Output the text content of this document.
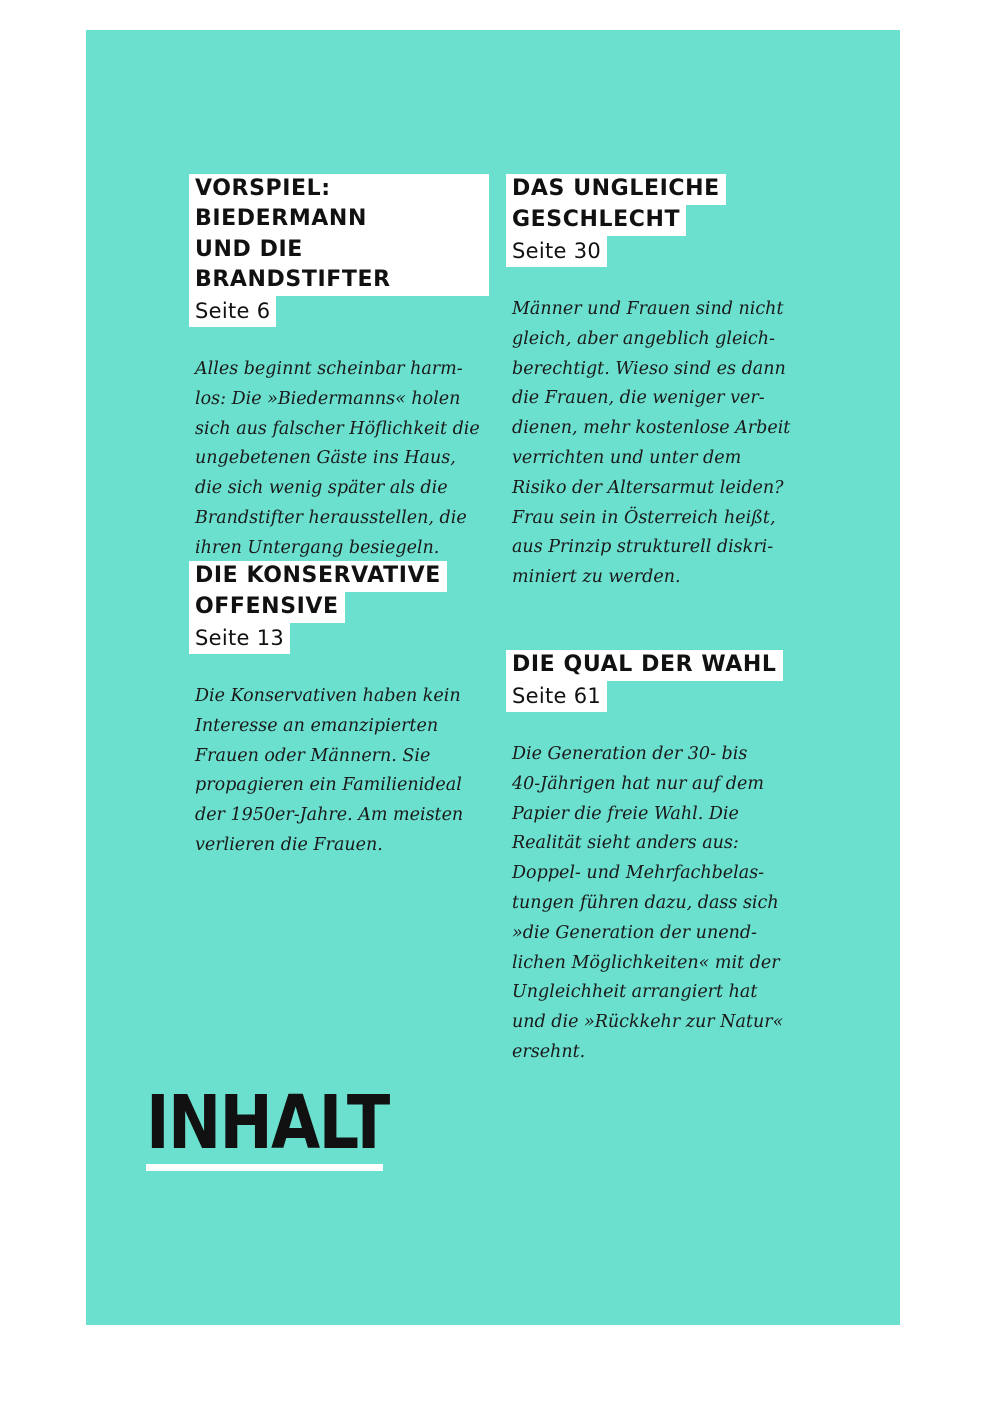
VORSPIEL: BIEDERMANN
UND DIE BRANDSTIFTER
Seite 6

Alles beginnt scheinbar harm-
los: Die »Biedermanns« holen
sich aus falscher Höflichkeit die
ungebetenen Gäste ins Haus,
die sich wenig später als die
Brandstifter herausstellen, die
ihren Untergang besiegeln.

DIE KONSERVATIVE
OFFENSIVE
Seite 13

Die Konservativen haben kein
Interesse an emanzipierten
Frauen oder Männern. Sie
propagieren ein Familienideal
der 1950er-Jahre. Am meisten
verlieren die Frauen.

DAS UNGLEICHE
GESCHLECHT
Seite 30

Männer und Frauen sind nicht
gleich, aber angeblich gleich-
berechtigt. Wieso sind es dann
die Frauen, die weniger ver-
dienen, mehr kostenlose Arbeit
verrichten und unter dem
Risiko der Altersarmut leiden?
Frau sein in Österreich heißt,
aus Prinzip strukturell diskri-
miniert zu werden.

DIE QUAL DER WAHL
Seite 61

Die Generation der 30- bis
40-Jährigen hat nur auf dem
Papier die freie Wahl. Die
Realität sieht anders aus:
Doppel- und Mehrfachbelas-
tungen führen dazu, dass sich
»die Generation der unend-
lichen Möglichkeiten« mit der
Ungleichheit arrangiert hat
und die »Rückkehr zur Natur«
ersehnt.

INHALT
